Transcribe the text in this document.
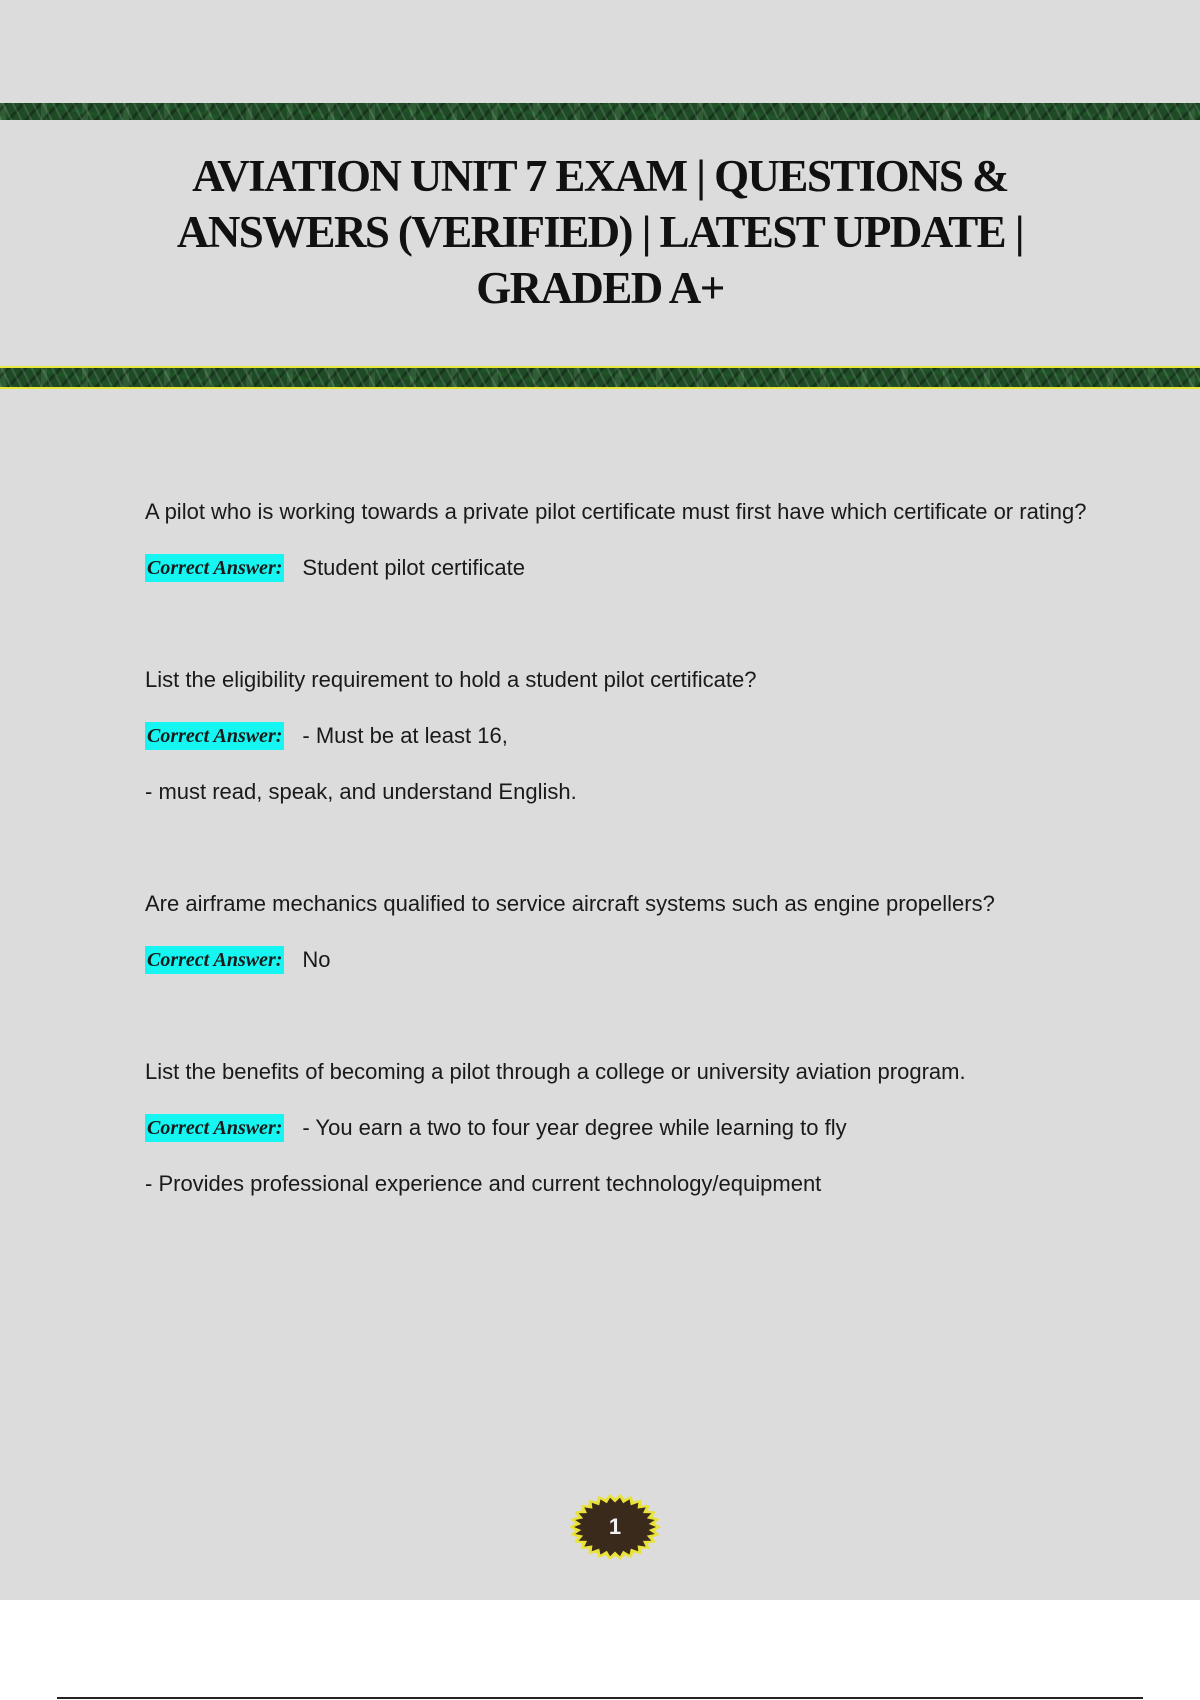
AVIATION UNIT 7 EXAM | QUESTIONS & ANSWERS (VERIFIED) | LATEST UPDATE | GRADED A+

A pilot who is working towards a private pilot certificate must first have which certificate or rating?

Correct Answer: Student pilot certificate

List the eligibility requirement to hold a student pilot certificate?

Correct Answer: - Must be at least 16,

- must read, speak, and understand English.

Are airframe mechanics qualified to service aircraft systems such as engine propellers?

Correct Answer: No

List the benefits of becoming a pilot through a college or university aviation program.

Correct Answer: - You earn a two to four year degree while learning to fly

- Provides professional experience and current technology/equipment

1
